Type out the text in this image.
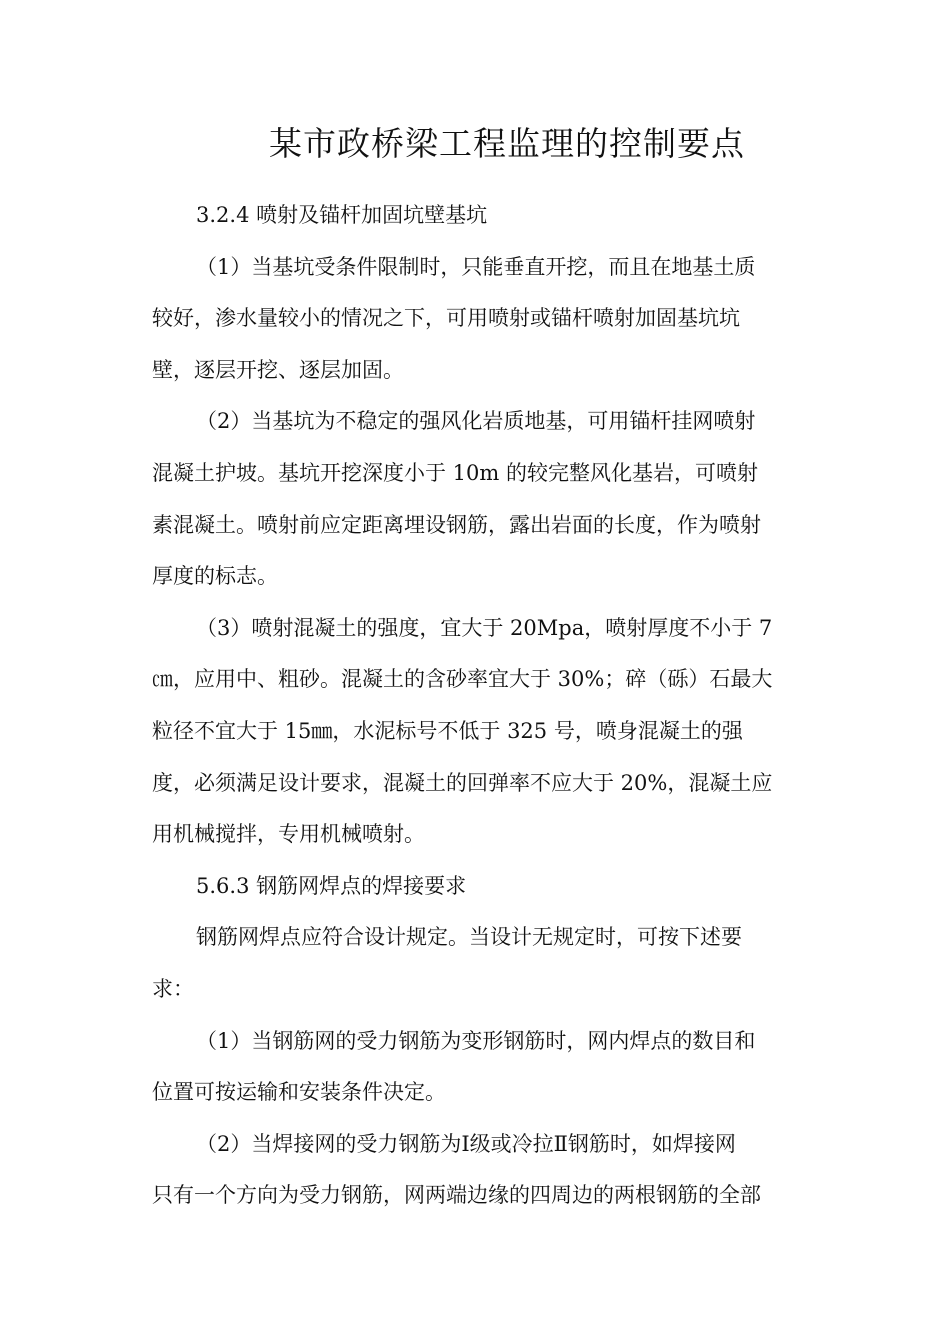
某市政桥梁工程监理的控制要点

3.2.4 喷射及锚杆加固坑壁基坑

（1）当基坑受条件限制时，只能垂直开挖，而且在地基土质
较好，渗水量较小的情况之下，可用喷射或锚杆喷射加固基坑坑
壁，逐层开挖、逐层加固。

（2）当基坑为不稳定的强风化岩质地基，可用锚杆挂网喷射
混凝土护坡。基坑开挖深度小于 10m 的较完整风化基岩，可喷射
素混凝土。喷射前应定距离埋设钢筋，露出岩面的长度，作为喷射
厚度的标志。

（3）喷射混凝土的强度，宜大于 20Mpa，喷射厚度不小于 7
㎝，应用中、粗砂。混凝土的含砂率宜大于 30%；碎（砾）石最大
粒径不宜大于 15㎜，水泥标号不低于 325 号，喷身混凝土的强
度，必须满足设计要求，混凝土的回弹率不应大于 20%，混凝土应
用机械搅拌，专用机械喷射。

5.6.3 钢筋网焊点的焊接要求

钢筋网焊点应符合设计规定。当设计无规定时，可按下述要
求：

（1）当钢筋网的受力钢筋为变形钢筋时，网内焊点的数目和
位置可按运输和安装条件决定。

（2）当焊接网的受力钢筋为Ⅰ级或冷拉Ⅱ钢筋时，如焊接网
只有一个方向为受力钢筋，网两端边缘的四周边的两根钢筋的全部
